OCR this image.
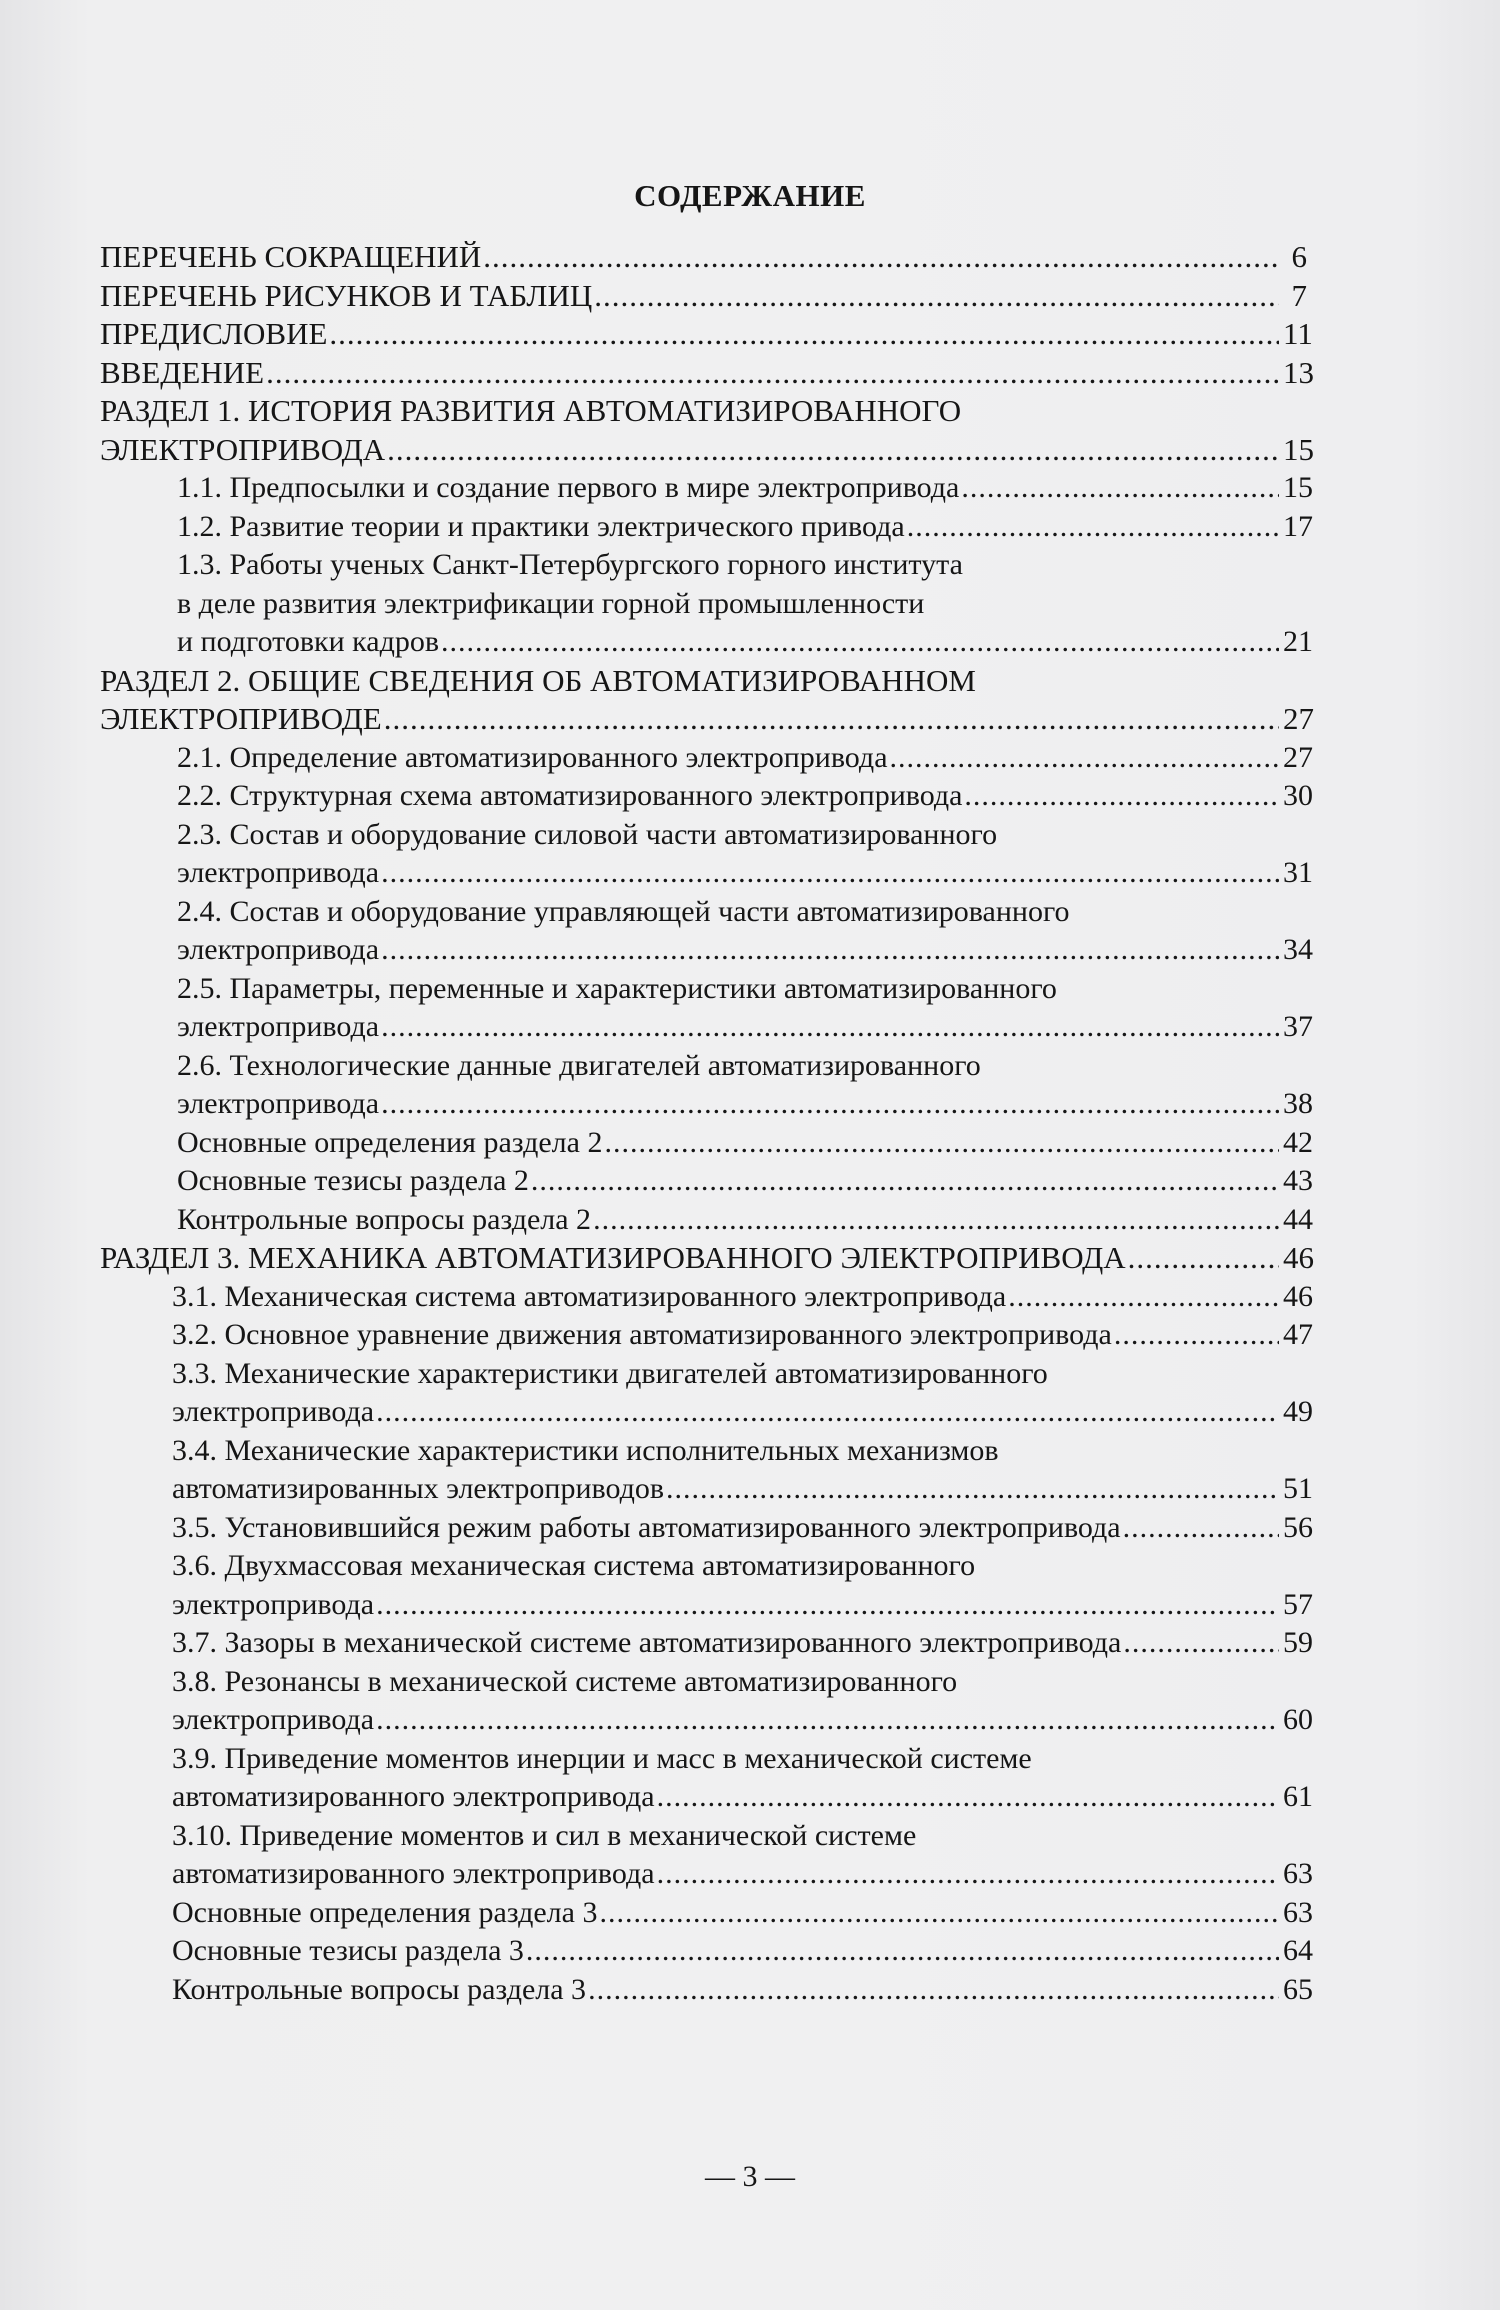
СОДЕРЖАНИЕ
ПЕРЕЧЕНЬ СОКРАЩЕНИЙ .....	6
ПЕРЕЧЕНЬ РИСУНКОВ И ТАБЛИЦ .....	7
ПРЕДИСЛОВИЕ .....	11
ВВЕДЕНИЕ .....	13
РАЗДЕЛ 1. ИСТОРИЯ РАЗВИТИЯ АВТОМАТИЗИРОВАННОГО
ЭЛЕКТРОПРИВОДА .....	15
1.1. Предпосылки и создание первого в мире электропривода .....	15
1.2. Развитие теории и практики электрического привода .....	17
1.3. Работы ученых Санкт-Петербургского горного института
в деле развития электрификации горной промышленности
и подготовки кадров .....	21
РАЗДЕЛ 2. ОБЩИЕ СВЕДЕНИЯ ОБ АВТОМАТИЗИРОВАННОМ
ЭЛЕКТРОПРИВОДЕ .....	27
2.1. Определение автоматизированного электропривода .....	27
2.2. Структурная схема автоматизированного электропривода .....	30
2.3. Состав и оборудование силовой части автоматизированного
электропривода .....	31
2.4. Состав и оборудование управляющей части автоматизированного
электропривода .....	34
2.5. Параметры, переменные и характеристики автоматизированного
электропривода .....	37
2.6. Технологические данные двигателей автоматизированного
электропривода .....	38
Основные определения раздела 2 .....	42
Основные тезисы раздела 2 .....	43
Контрольные вопросы раздела 2 .....	44
РАЗДЕЛ 3. МЕХАНИКА АВТОМАТИЗИРОВАННОГО ЭЛЕКТРОПРИВОДА .....	46
3.1. Механическая система автоматизированного электропривода .....	46
3.2. Основное уравнение движения автоматизированного электропривода .....	47
3.3. Механические характеристики двигателей автоматизированного
электропривода .....	49
3.4. Механические характеристики исполнительных механизмов
автоматизированных электроприводов .....	51
3.5. Установившийся режим работы автоматизированного электропривода .....	56
3.6. Двухмассовая механическая система автоматизированного
электропривода .....	57
3.7. Зазоры в механической системе автоматизированного электропривода .....	59
3.8. Резонансы в механической системе автоматизированного
электропривода .....	60
3.9. Приведение моментов инерции и масс в механической системе
автоматизированного электропривода .....	61
3.10. Приведение моментов и сил в механической системе
автоматизированного электропривода .....	63
Основные определения раздела 3 .....	63
Основные тезисы раздела 3 .....	64
Контрольные вопросы раздела 3 .....	65
— 3 —
